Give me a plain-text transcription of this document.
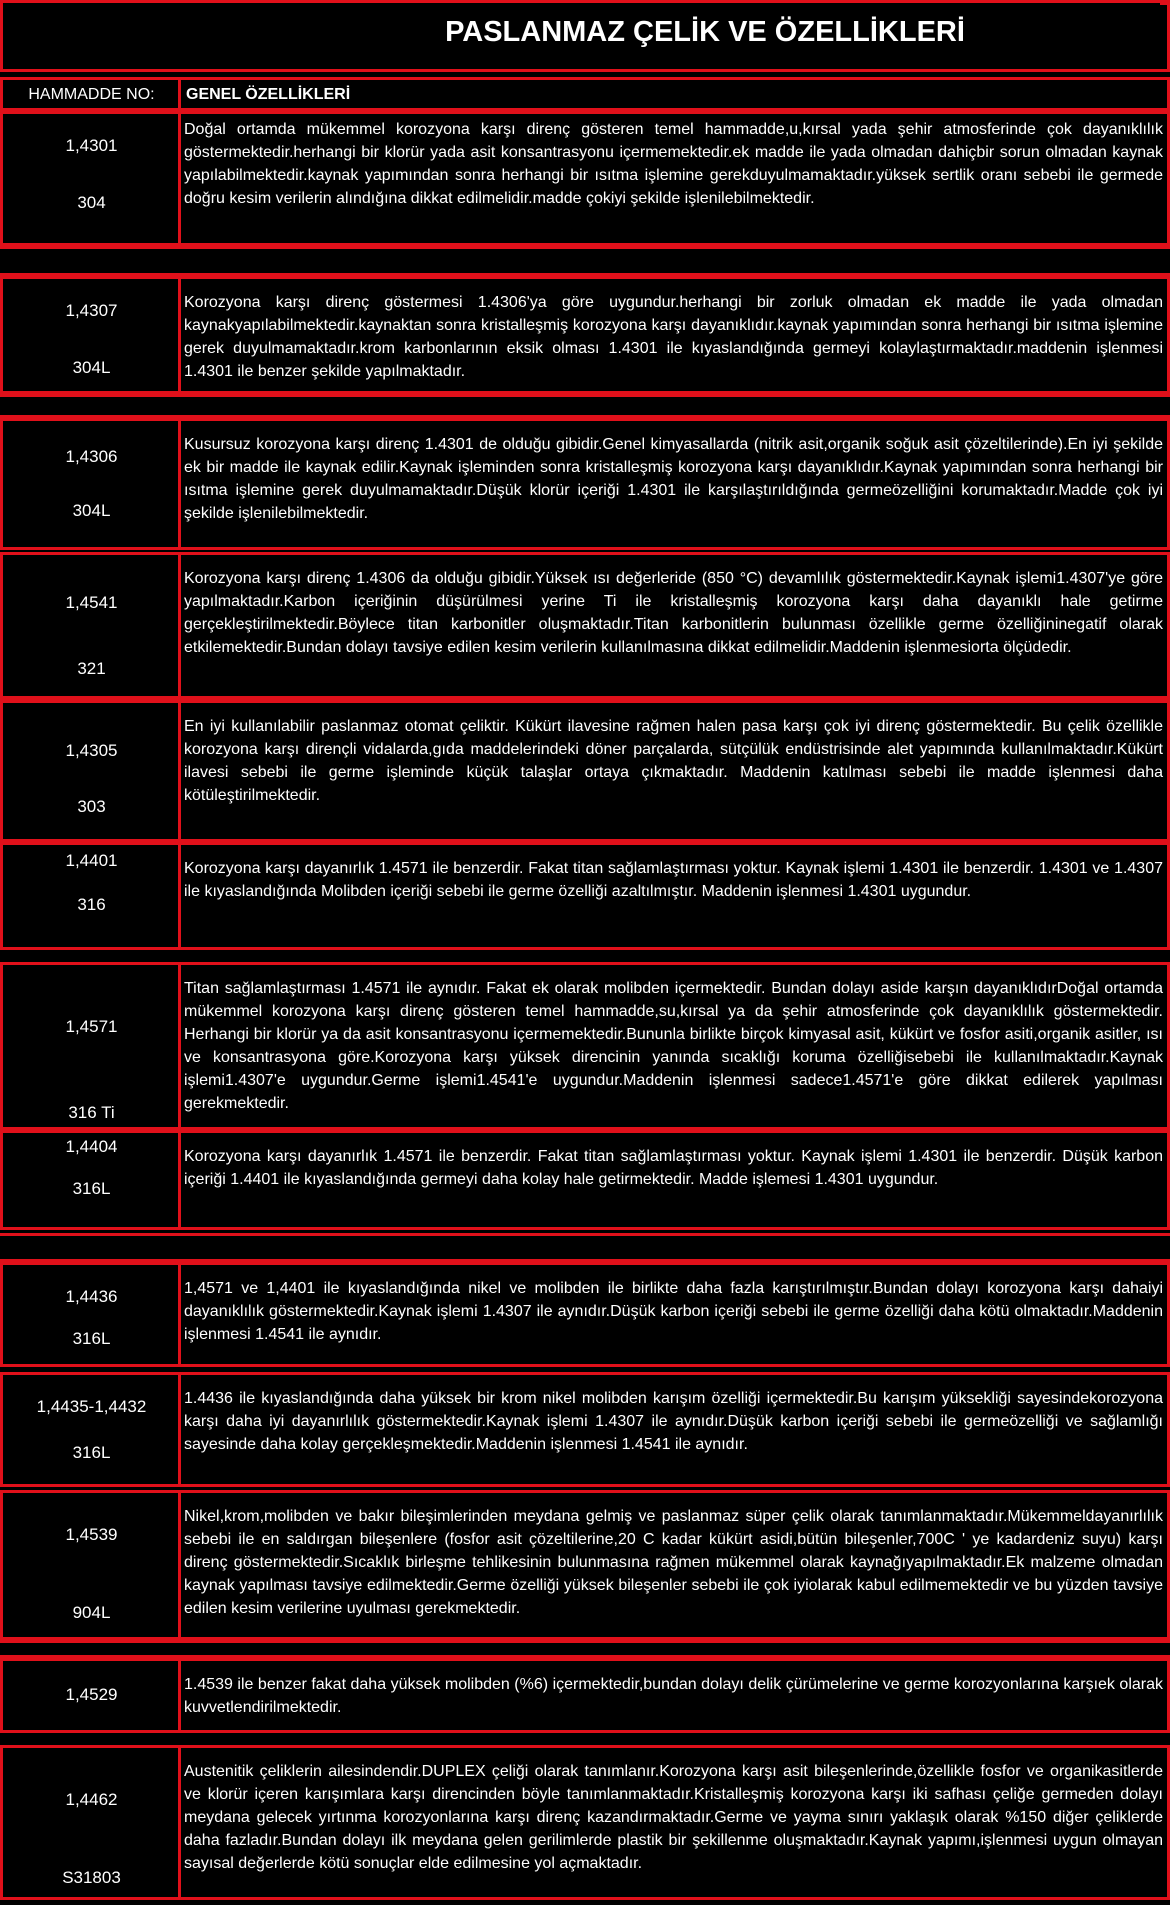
PASLANMAZ ÇELİK VE ÖZELLİKLERİ
HAMMADDE NO:	GENEL ÖZELLİKLERİ
1,4301
304
Doğal ortamda mükemmel korozyona karşı direnç gösteren temel hammadde,u,kırsal yada şehir atmosferinde çok dayanıklılık göstermektedir.herhangi bir klorür yada asit konsantrasyonu içermemektedir.ek madde ile yada olmadan dahiçbir sorun olmadan kaynak yapılabilmektedir.kaynak yapımından sonra herhangi bir ısıtma işlemine gerekduyulmamaktadır.yüksek sertlik oranı sebebi ile germede doğru kesim verilerin alındığına dikkat edilmelidir.madde çokiyi şekilde işlenilebilmektedir.
1,4307
304L
Korozyona karşı direnç göstermesi 1.4306'ya göre uygundur.herhangi bir zorluk olmadan ek madde ile yada olmadan kaynakyapılabilmektedir.kaynaktan sonra kristalleşmiş korozyona karşı dayanıklıdır.kaynak yapımından sonra herhangi bir ısıtma işlemine gerek duyulmamaktadır.krom karbonlarının eksik olması 1.4301 ile kıyaslandığında germeyi kolaylaştırmaktadır.maddenin işlenmesi 1.4301 ile benzer şekilde yapılmaktadır.
1,4306
304L
Kusursuz korozyona karşı direnç 1.4301 de olduğu gibidir.Genel kimyasallarda (nitrik asit,organik soğuk asit çözeltilerinde).En iyi şekilde ek bir madde ile kaynak edilir.Kaynak işleminden sonra kristalleşmiş korozyona karşı dayanıklıdır.Kaynak yapımından sonra herhangi bir ısıtma işlemine gerek duyulmamaktadır.Düşük klorür içeriği 1.4301 ile karşılaştırıldığında germeözelliğini korumaktadır.Madde çok iyi şekilde işlenilebilmektedir.
1,4541
321
Korozyona karşı direnç 1.4306 da olduğu gibidir.Yüksek ısı değerleride (850 °C) devamlılık göstermektedir.Kaynak işlemi1.4307'ye göre yapılmaktadır.Karbon içeriğinin düşürülmesi yerine Ti ile kristalleşmiş korozyona karşı daha dayanıklı hale getirme gerçekleştirilmektedir.Böylece titan karbonitler oluşmaktadır.Titan karbonitlerin bulunması özellikle germe özelliğininegatif olarak etkilemektedir.Bundan dolayı tavsiye edilen kesim verilerin kullanılmasına dikkat edilmelidir.Maddenin işlenmesiorta ölçüdedir.
1,4305
303
En iyi kullanılabilir paslanmaz otomat çeliktir. Kükürt ilavesine rağmen halen pasa karşı çok iyi direnç göstermektedir. Bu çelik özellikle korozyona karşı dirençli vidalarda,gıda maddelerindeki döner parçalarda, sütçülük endüstrisinde alet yapımında kullanılmaktadır.Kükürt ilavesi sebebi ile germe işleminde küçük talaşlar ortaya çıkmaktadır. Maddenin katılması sebebi ile madde işlenmesi daha kötüleştirilmektedir.
1,4401
316
Korozyona karşı dayanırlık 1.4571 ile benzerdir. Fakat titan sağlamlaştırması yoktur. Kaynak işlemi 1.4301 ile benzerdir. 1.4301 ve 1.4307 ile kıyaslandığında Molibden içeriği sebebi ile germe özelliği azaltılmıştır. Maddenin işlenmesi 1.4301 uygundur.
1,4571
316 Ti
Titan sağlamlaştırması 1.4571 ile aynıdır. Fakat ek olarak molibden içermektedir. Bundan dolayı aside karşın dayanıklıdırDoğal ortamda mükemmel korozyona karşı direnç gösteren temel hammadde,su,kırsal ya da şehir atmosferinde çok dayanıklılık göstermektedir. Herhangi bir klorür ya da asit konsantrasyonu içermemektedir.Bununla birlikte birçok kimyasal asit, kükürt ve fosfor asiti,organik asitler, ısı ve konsantrasyona göre.Korozyona karşı yüksek direncinin yanında sıcaklığı koruma özelliğisebebi ile kullanılmaktadır.Kaynak işlemi1.4307'e uygundur.Germe işlemi1.4541'e uygundur.Maddenin işlenmesi sadece1.4571'e göre dikkat edilerek yapılması gerekmektedir.
1,4404
316L
Korozyona karşı dayanırlık 1.4571 ile benzerdir. Fakat titan sağlamlaştırması yoktur. Kaynak işlemi 1.4301 ile benzerdir. Düşük karbon içeriği 1.4401 ile kıyaslandığında germeyi daha kolay hale getirmektedir. Madde işlemesi 1.4301 uygundur.
1,4436
316L
1,4571 ve 1,4401 ile kıyaslandığında nikel ve molibden ile birlikte daha fazla karıştırılmıştır.Bundan dolayı korozyona karşı dahaiyi dayanıklılık göstermektedir.Kaynak işlemi 1.4307 ile aynıdır.Düşük karbon içeriği sebebi ile germe özelliği daha kötü olmaktadır.Maddenin işlenmesi 1.4541 ile aynıdır.
1,4435-1,4432
316L
1.4436 ile kıyaslandığında daha yüksek bir krom nikel molibden karışım özelliği içermektedir.Bu karışım yüksekliği sayesindekorozyona karşı daha iyi dayanırlılık göstermektedir.Kaynak işlemi 1.4307 ile aynıdır.Düşük karbon içeriği sebebi ile germeözelliği ve sağlamlığı sayesinde daha kolay gerçekleşmektedir.Maddenin işlenmesi 1.4541 ile aynıdır.
1,4539
904L
Nikel,krom,molibden ve bakır bileşimlerinden meydana gelmiş ve paslanmaz süper çelik olarak tanımlanmaktadır.Mükemmeldayanırlılık sebebi ile en saldırgan bileşenlere (fosfor asit çözeltilerine,20 C kadar kükürt asidi,bütün bileşenler,700C ' ye kadardeniz suyu) karşı direnç göstermektedir.Sıcaklık birleşme tehlikesinin bulunmasına rağmen mükemmel olarak kaynağıyapılmaktadır.Ek malzeme olmadan kaynak yapılması tavsiye edilmektedir.Germe özelliği yüksek bileşenler sebebi ile çok iyiolarak kabul edilmemektedir ve bu yüzden tavsiye edilen kesim verilerine uyulması gerekmektedir.
1,4529
1.4539 ile benzer fakat daha yüksek molibden (%6) içermektedir,bundan dolayı delik çürümelerine ve germe korozyonlarına karşıek olarak kuvvetlendirilmektedir.
1,4462
S31803
Austenitik çeliklerin ailesindendir.DUPLEX çeliği olarak tanımlanır.Korozyona karşı asit bileşenlerinde,özellikle fosfor ve organikasitlerde ve klorür içeren karışımlara karşı direncinden böyle tanımlanmaktadır.Kristalleşmiş korozyona karşı iki safhası çeliğe germeden dolayı meydana gelecek yırtınma korozyonlarına karşı direnç kazandırmaktadır.Germe ve yayma sınırı yaklaşık olarak %150 diğer çeliklerde daha fazladır.Bundan dolayı ilk meydana gelen gerilimlerde plastik bir şekillenme oluşmaktadır.Kaynak yapımı,işlenmesi uygun olmayan sayısal değerlerde kötü sonuçlar elde edilmesine yol açmaktadır.
